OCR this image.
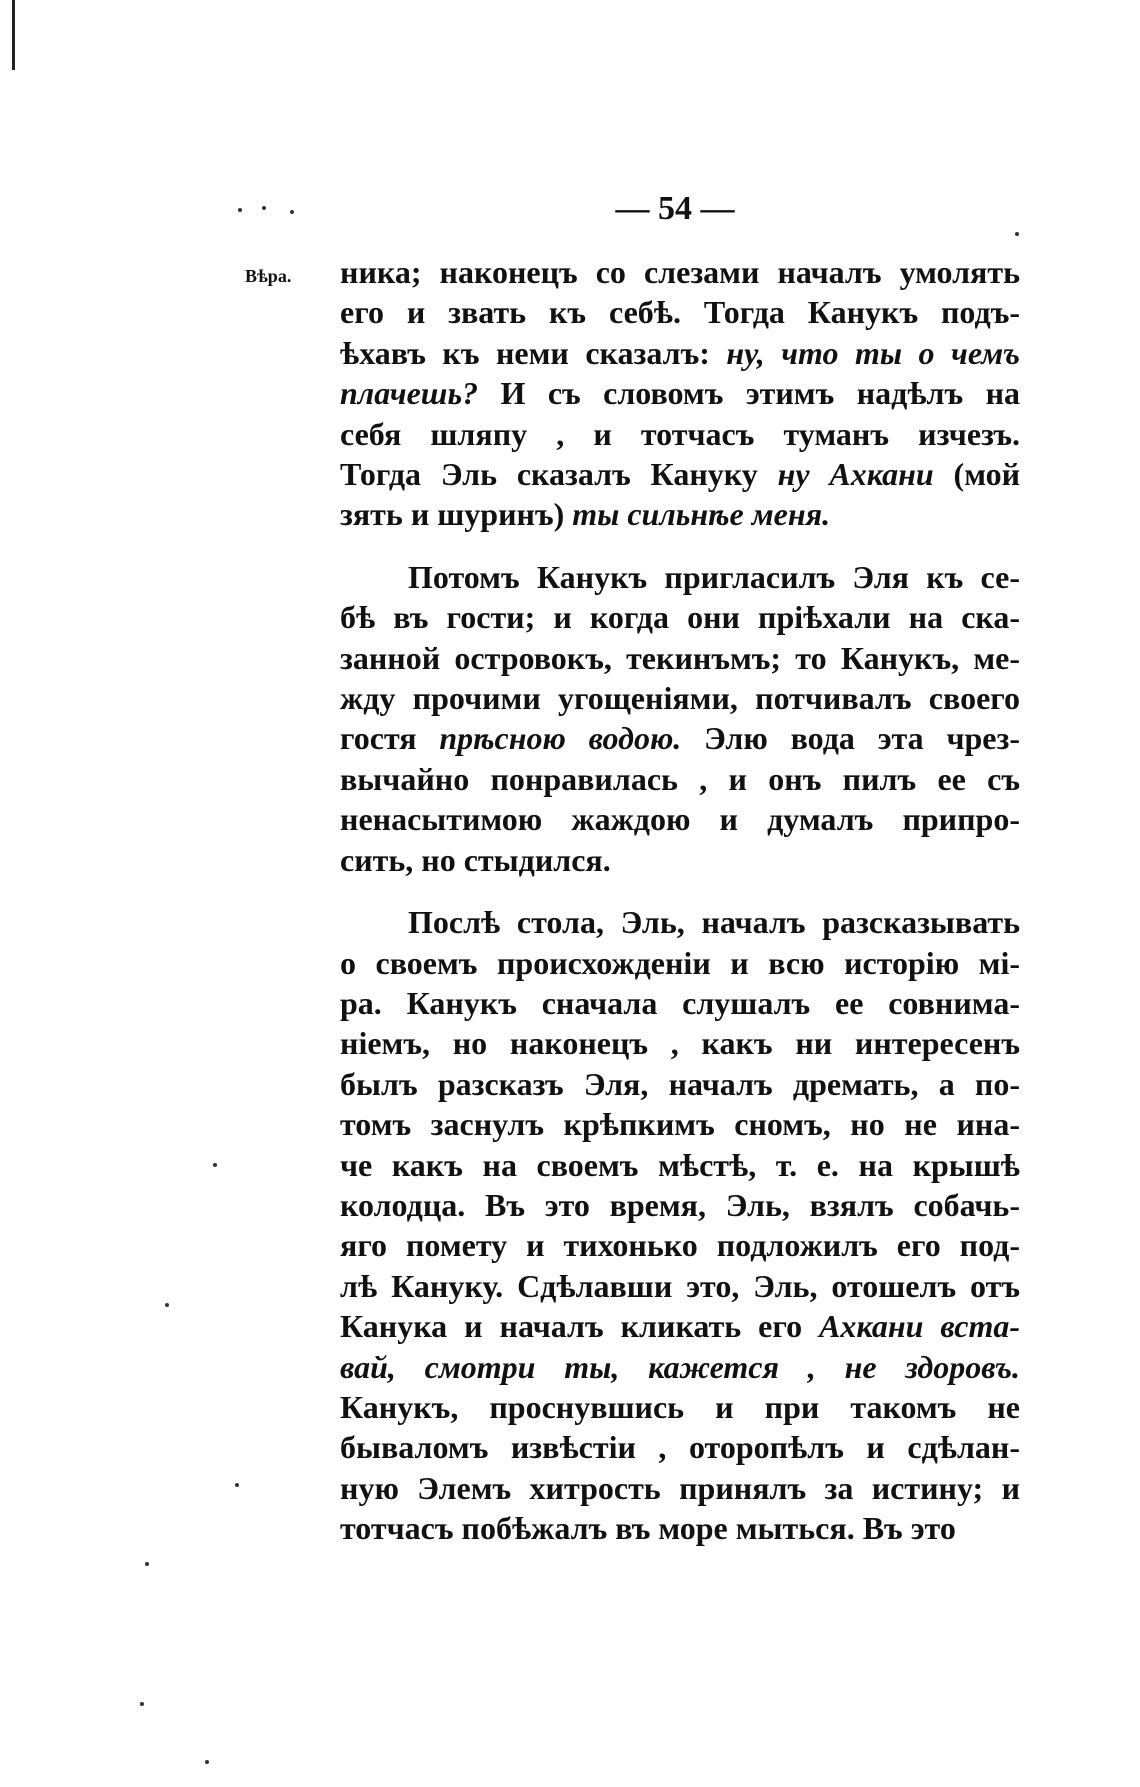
— 54 —
Вѣра. ника; наконецъ со слезами началъ умолять
его и звать къ себѣ. Тогда Канукъ подъ-
ѣхавъ къ неми сказалъ: ну, что ты о чемъ
плачешь? И съ словомъ этимъ надѣлъ на
себя шляпу , и тотчасъ туманъ изчезъ.
Тогда Эль сказалъ Кануку ну Ахкани (мой
зять и шуринъ) ты сильнѣе меня.
Потомъ Канукъ пригласилъ Эля къ се-
бѣ въ гости; и когда они пріѣхали на ска-
занной островокъ, текинъмъ; то Канукъ, ме-
жду прочими угощеніями, потчивалъ своего
гостя прѣсною водою. Элю вода эта чрез-
вычайно понравилась , и онъ пилъ ее съ
ненасытимою жаждою и думалъ припро-
сить, но стыдился.
Послѣ стола, Эль, началъ разсказывать
о своемъ происхожденіи и всю исторію мі-
ра. Канукъ сначала слушалъ ее совнима-
ніемъ, но наконецъ , какъ ни интересенъ
былъ разсказъ Эля, началъ дремать, а по-
томъ заснулъ крѣпкимъ сномъ, но не ина-
че какъ на своемъ мѣстѣ, т. е. на крышѣ
колодца. Въ это время, Эль, взялъ собачь-
яго помету и тихонько подложилъ его под-
лѣ Кануку. Сдѣлавши это, Эль, отошелъ отъ
Канука и началъ кликать его Ахкани вста-
вай, смотри ты, кажется , не здоровъ.
Канукъ, проснувшись и при такомъ не
бываломъ извѣстіи , оторопѣлъ и сдѣлан-
ную Элемъ хитрость принялъ за истину; и
тотчасъ побѣжалъ въ море мыться. Въ это
